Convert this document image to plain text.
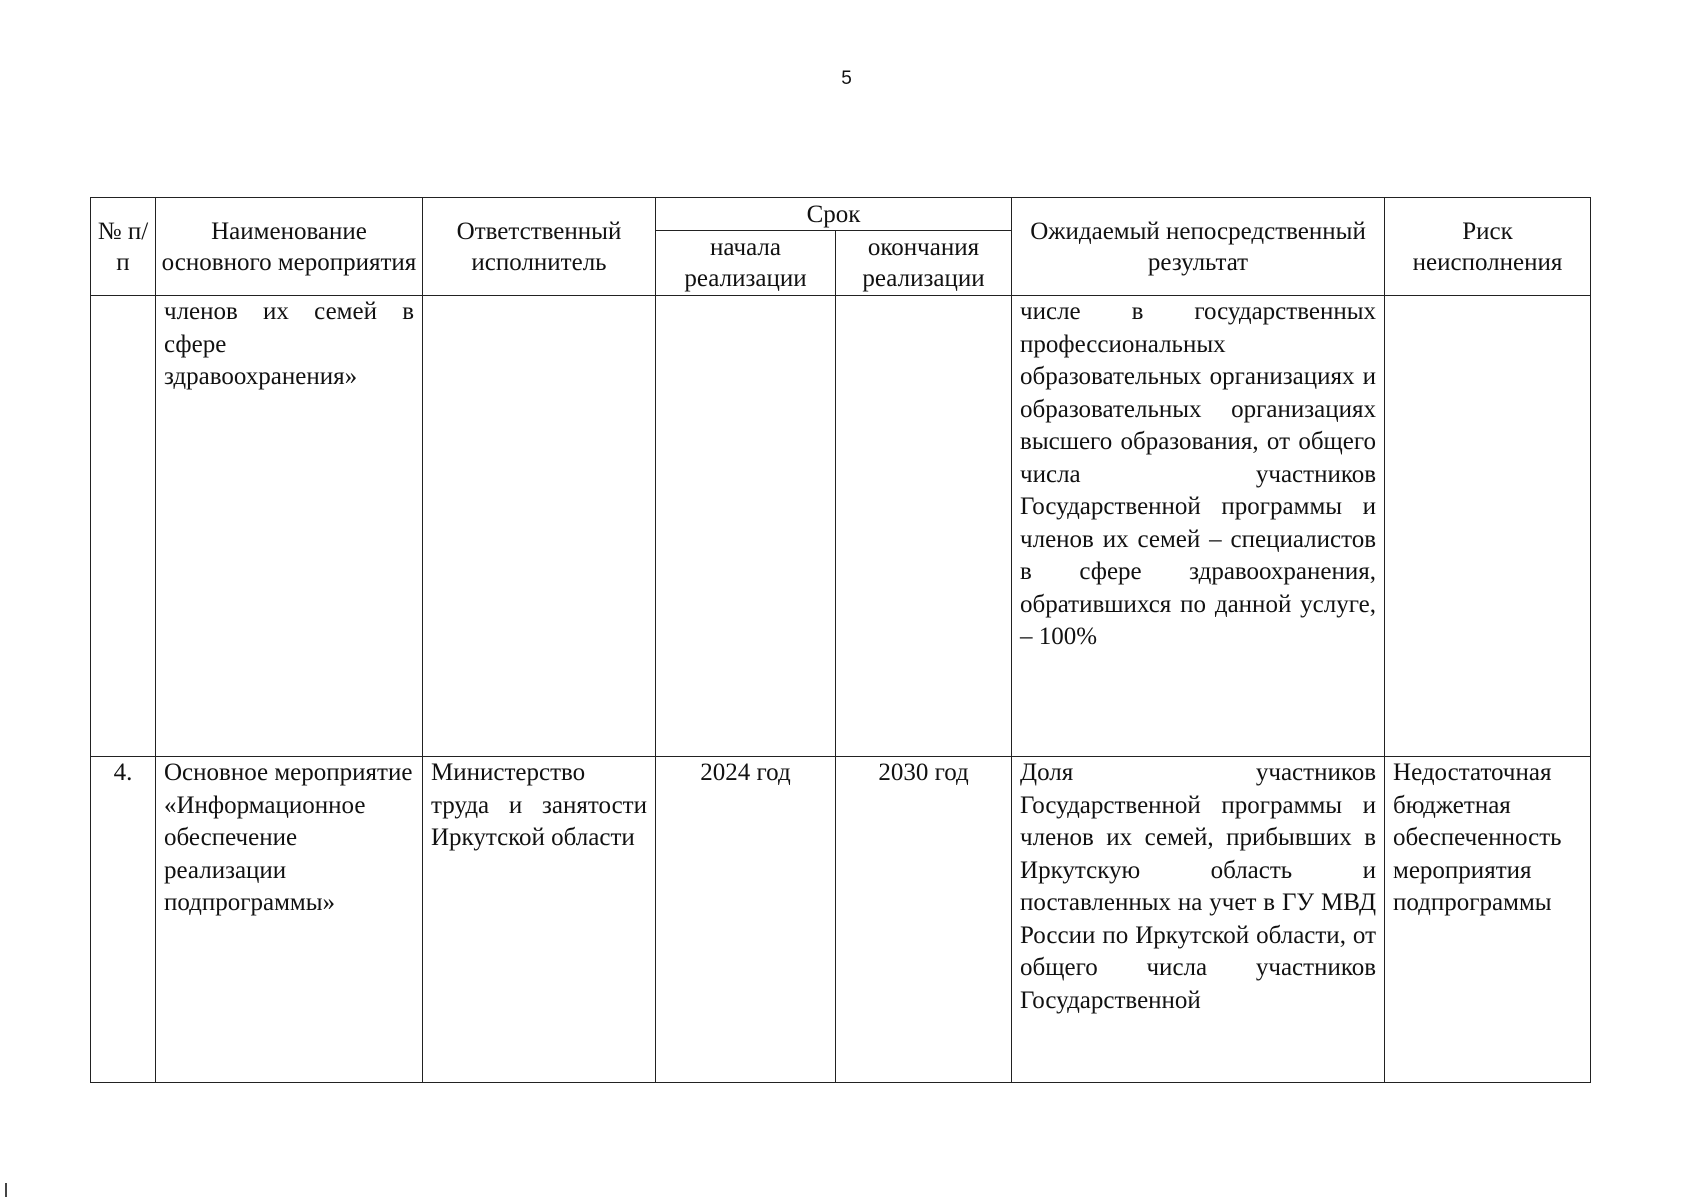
5
№ п/п	Наименование основного мероприятия	Ответственный исполнитель	Срок		Ожидаемый непосредственный результат	Риск неисполнения
			начала реализации	окончания реализации		
	членов их семей в сфере здравоохранения»				числе в государственных профессиональных образовательных организациях и образовательных организациях высшего образования, от общего числа участников Государственной программы и членов их семей – специалистов в сфере здравоохранения, обратившихся по данной услуге, – 100%	
4.	Основное мероприятие «Информационное обеспечение реализации подпрограммы»	Министерство труда и занятости Иркутской области	2024 год	2030 год	Доля участников Государственной программы и членов их семей, прибывших в Иркутскую область и поставленных на учет в ГУ МВД России по Иркутской области, от общего числа участников Государственной	Недостаточная бюджетная обеспеченность мероприятия подпрограммы
